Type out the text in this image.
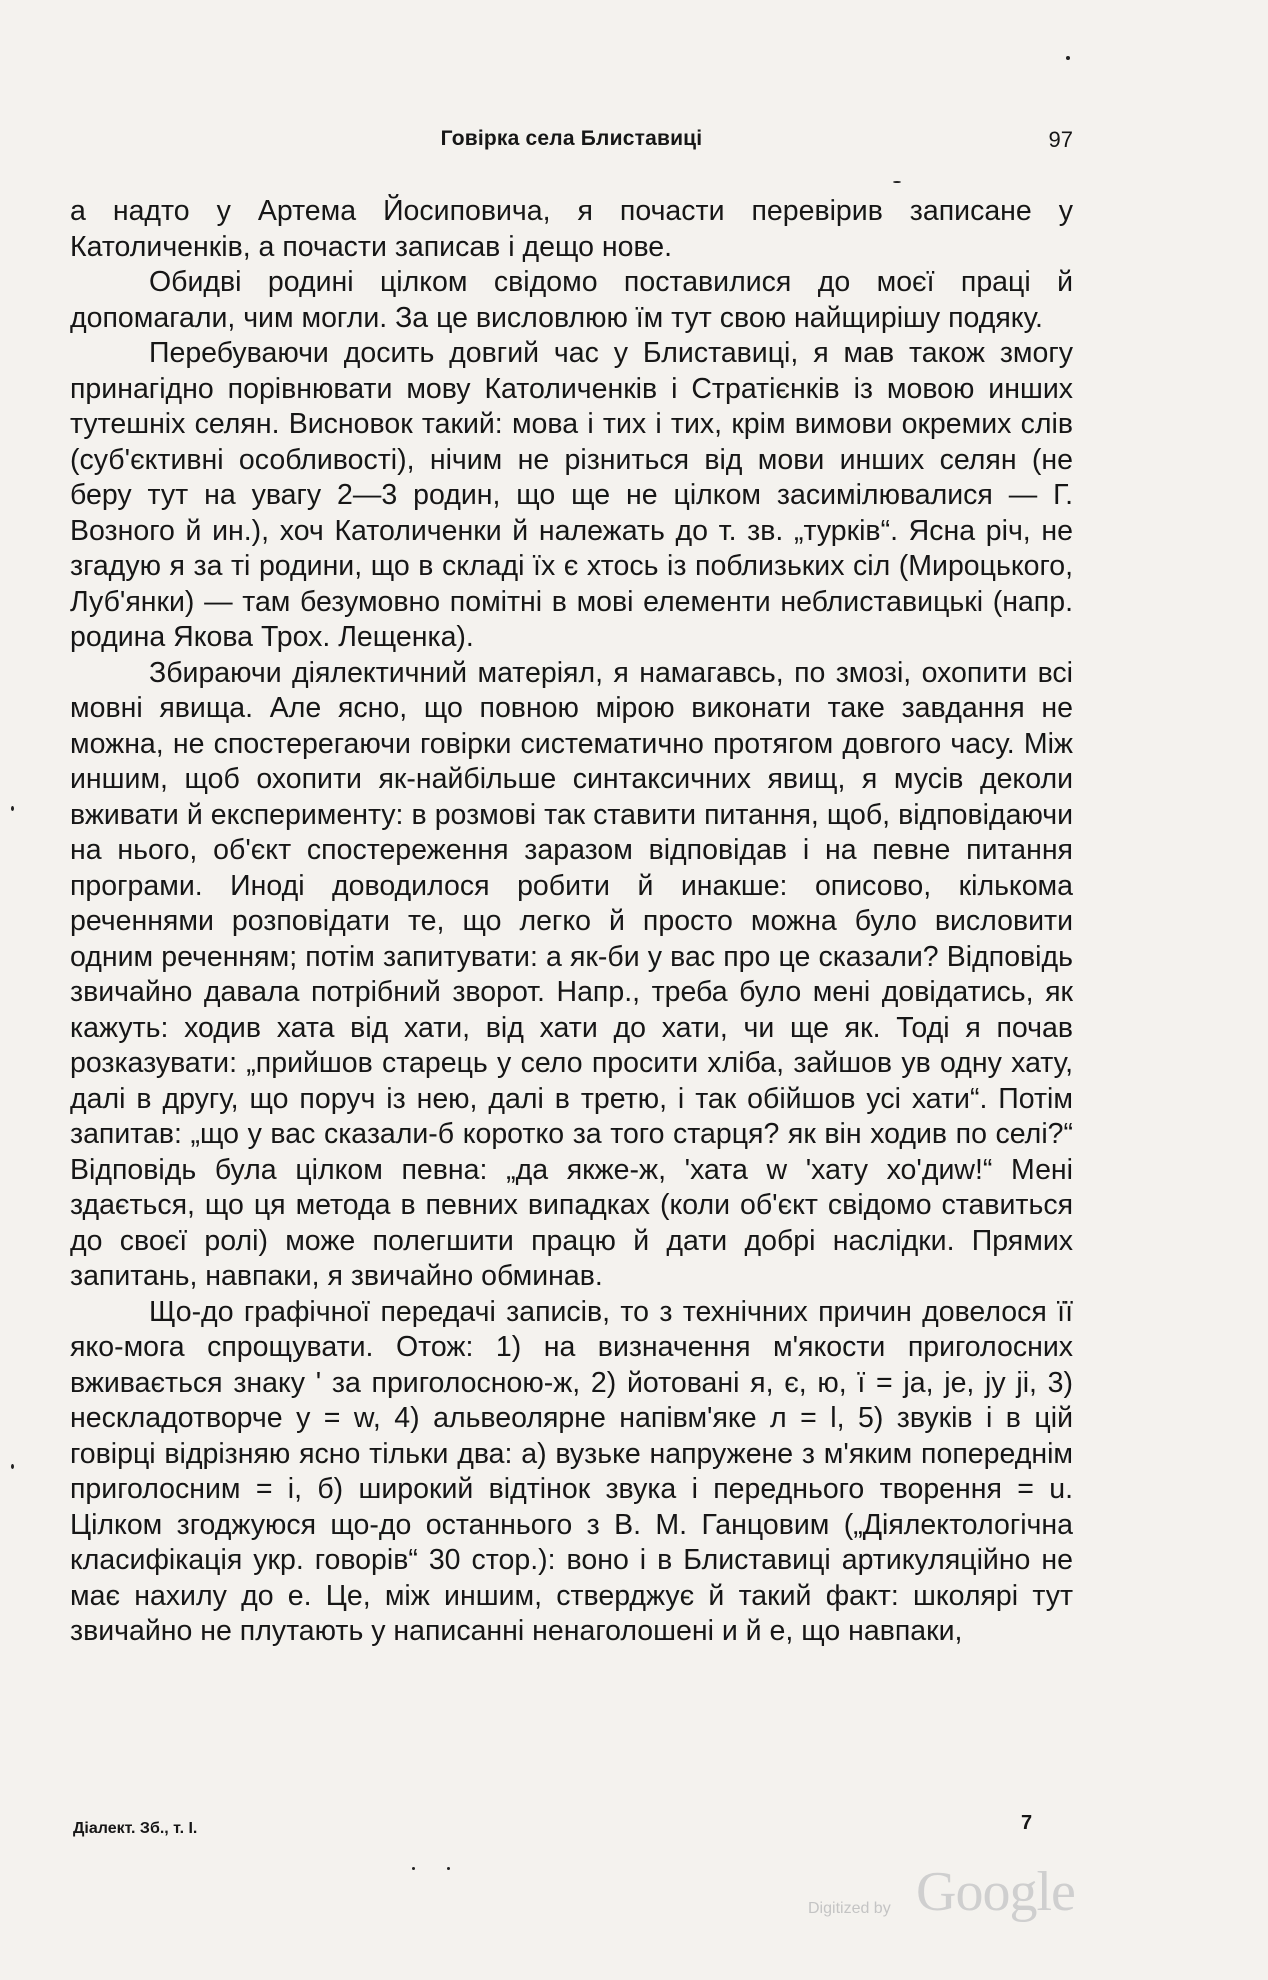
Говірка села Блиставиці	97

а надто у Артема Йосиповича, я почасти перевірив записане у Католиченків, а почасти записав і дещо нове.

Обидві родині цілком свідомо поставилися до моєї праці й допомагали, чим могли. За це висловлюю їм тут свою найщирішу подяку.

Перебуваючи досить довгий час у Блиставиці, я мав також змогу принагідно порівнювати мову Католиченків і Стратієнків із мовою инших тутешніх селян. Висновок такий: мова і тих і тих, крім вимови окремих слів (суб'єктивні особливості), нічим не різниться від мови инших селян (не беру тут на увагу 2—3 родин, що ще не цілком засимілювалися — Г. Возного й ин.), хоч Католиченки й належать до т. зв. „турків“. Ясна річ, не згадую я за ті родини, що в складі їх є хтось із поблизьких сіл (Мироцького, Луб'янки) — там безумовно помітні в мові елементи неблиставицькі (напр. родина Якова Трох. Лещенка).

Збираючи діялектичний матеріял, я намагавсь, по змозі, охопити всі мовні явища. Але ясно, що повною мірою виконати таке завдання не можна, не спостерегаючи говірки систематично протягом довгого часу. Між иншим, щоб охопити як-найбільше синтаксичних явищ, я мусів деколи вживати й експерименту: в розмові так ставити питання, щоб, відповідаючи на нього, об'єкт спостереження заразом відповідав і на певне питання програми. Иноді доводилося робити й инакше: описово, кількома реченнями розповідати те, що легко й просто можна було висловити одним реченням; потім запитувати: а як-би у вас про це сказали? Відповідь звичайно давала потрібний зворот. Напр., треба було мені довідатись, як кажуть: ходив хата від хати, від хати до хати, чи ще як. Тоді я почав розказувати: „прийшов старець у село просити хліба, зайшов ув одну хату, далі в другу, що поруч із нею, далі в третю, і так обійшов усі хати“. Потім запитав: „що у вас сказали-б коротко за того старця? як він ходив по селі?“ Відповідь була цілком певна: „да якже-ж, 'хата w 'хату хо'диw!“ Мені здається, що ця метода в певних випадках (коли об'єкт свідомо ставиться до своєї ролі) може полегшити працю й дати добрі наслідки. Прямих запитань, навпаки, я звичайно обминав.

Що-до графічної передачі записів, то з технічних причин довелося її яко-мога спрощувати. Отож: 1) на визначення м'якости приголосних вживається знаку ' за приголосною-ж, 2) йотовані я, є, ю, ї = ja, je, jy ji, 3) нескладотворче y = w, 4) альвеолярне напівм'яке л = l, 5) звуків i в цій говірці відрізняю ясно тільки два: а) вузьке напружене з м'яким попереднім приголосним = i, б) широкий відтінок звука i переднього творення = u. Цілком згоджуюся що-до останнього з В. М. Ганцовим („Діялектологічна класифікація укр. говорів“ 30 стор.): воно і в Блиставиці артикуляційно не має нахилу до е. Це, між иншим, стверджує й такий факт: школярі тут звичайно не плутають у написанні ненаголошені и й е, що навпаки,

Діалект. Зб., т. І.	7
Digitized by Google
